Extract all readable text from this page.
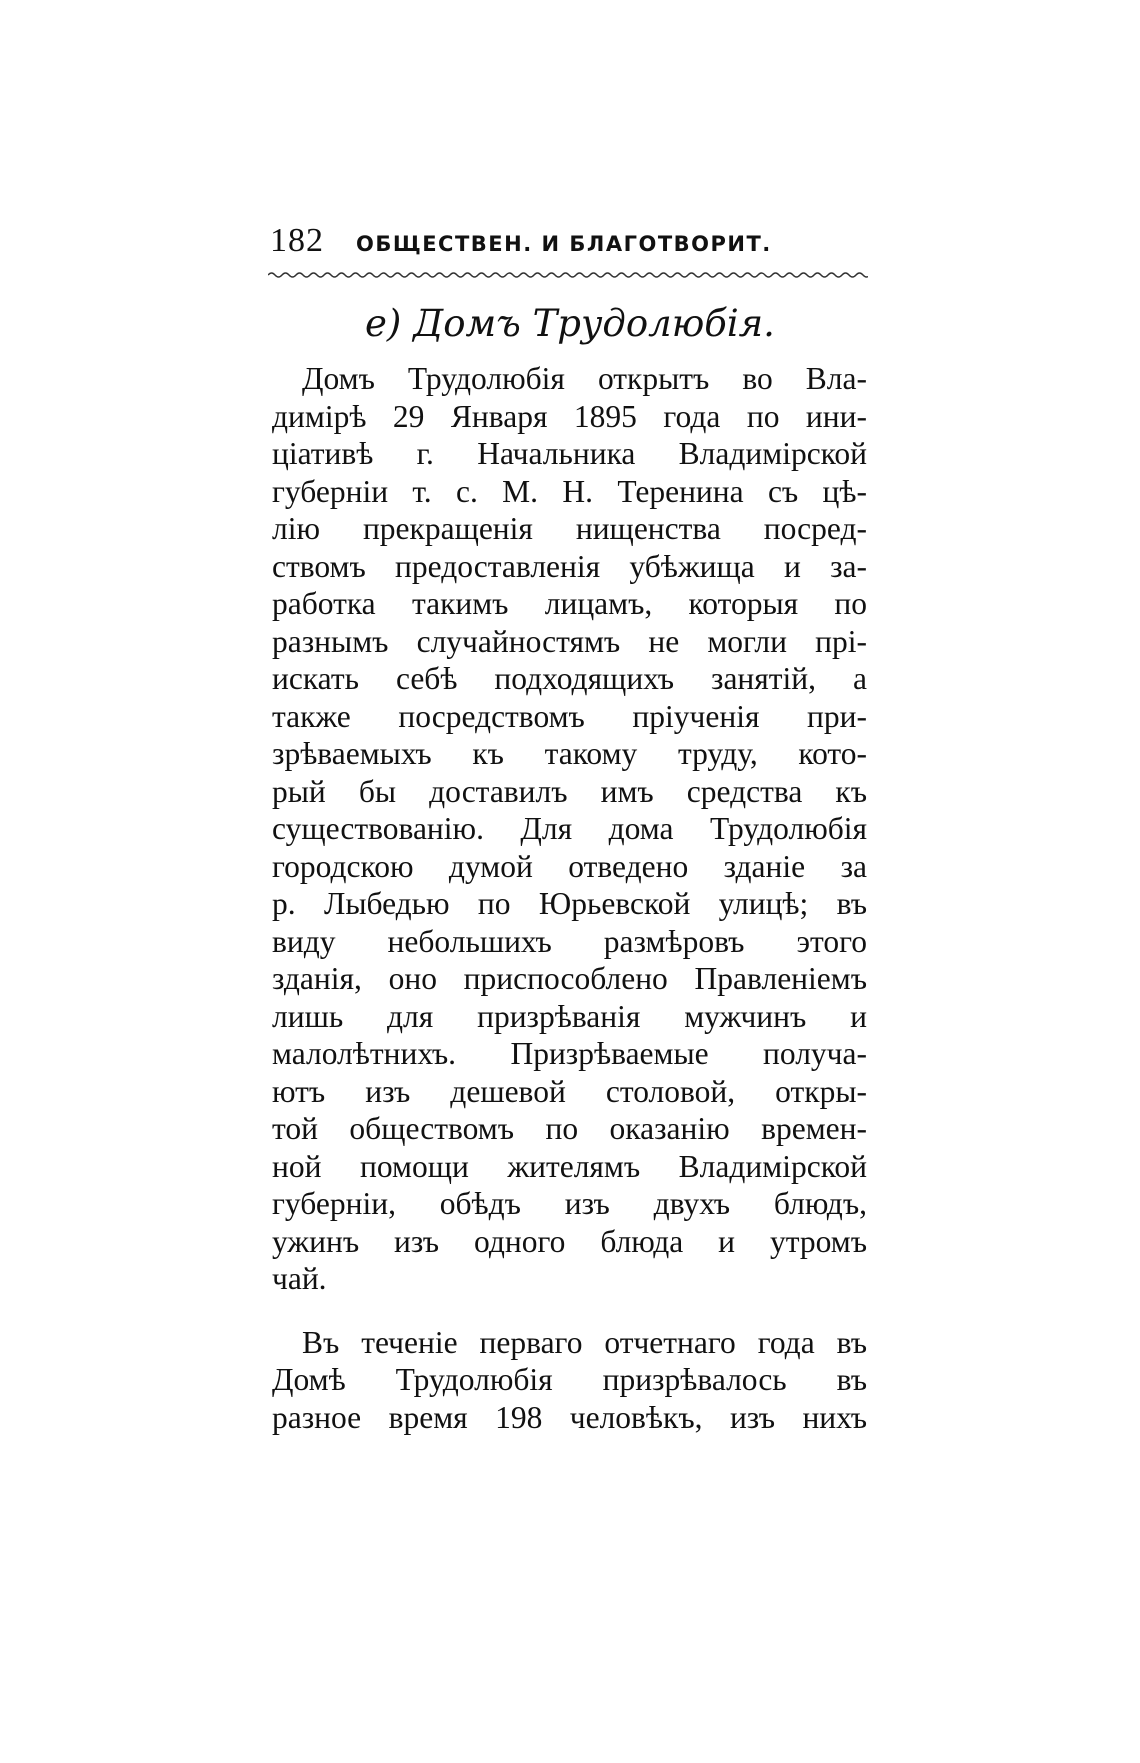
182 ОБЩЕСТВЕН. И БЛАГОТВОРИТ.
е) Домъ Трудолюбія.
Домъ Трудолюбія открытъ во Вла-
димірѣ 29 Января 1895 года по ини-
ціативѣ г. Начальника Владимірской
губерніи т. с. М. Н. Теренина съ цѣ-
лію прекращенія нищенства посред-
ствомъ предоставленія убѣжища и за-
работка такимъ лицамъ, которыя по
разнымъ случайностямъ не могли прі-
искать себѣ подходящихъ занятій, а
также посредствомъ пріученія при-
зрѣваемыхъ къ такому труду, кото-
рый бы доставилъ имъ средства къ
существованію. Для дома Трудолюбія
городскою думой отведено зданіе за
р. Лыбедью по Юрьевской улицѣ; въ
виду небольшихъ размѣровъ этого
зданія, оно приспособлено Правленіемъ
лишь для призрѣванія мужчинъ и
малолѣтнихъ. Призрѣваемые получа-
ютъ изъ дешевой столовой, откры-
той обществомъ по оказанію времен-
ной помощи жителямъ Владимірской
губерніи, обѣдъ изъ двухъ блюдъ,
ужинъ изъ одного блюда и утромъ
чай.
Въ теченіе перваго отчетнаго года въ
Домѣ Трудолюбія призрѣвалось въ
разное время 198 человѣкъ, изъ нихъ
